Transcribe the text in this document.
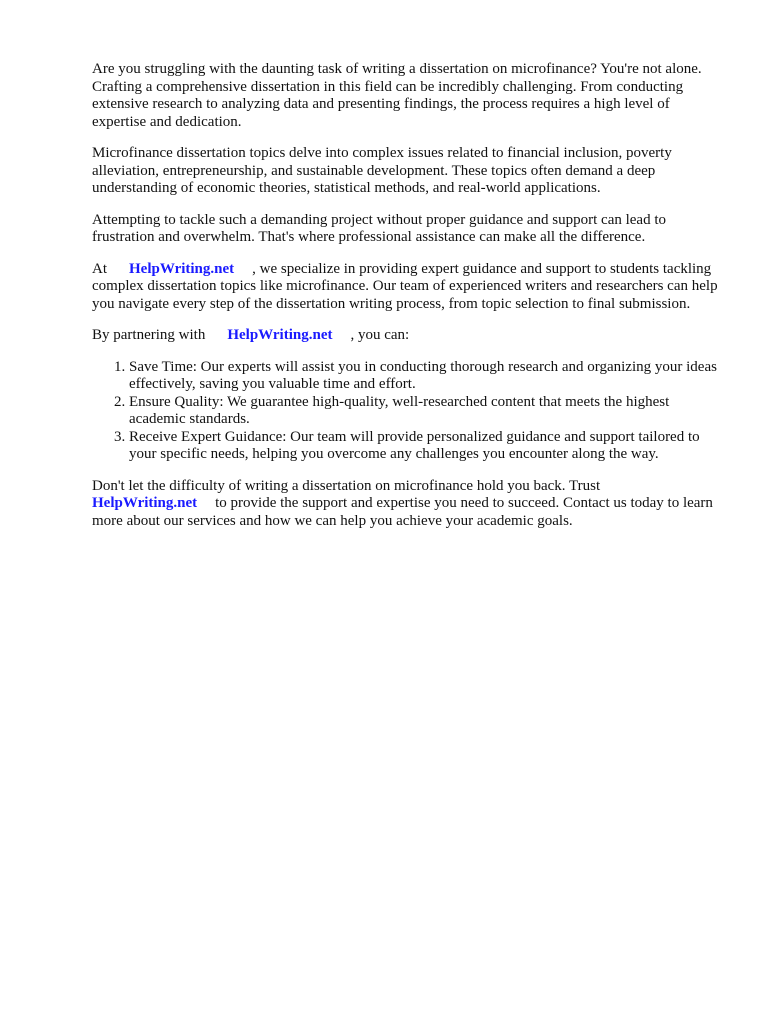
Are you struggling with the daunting task of writing a dissertation on microfinance? You're not alone. Crafting a comprehensive dissertation in this field can be incredibly challenging. From conducting extensive research to analyzing data and presenting findings, the process requires a high level of expertise and dedication.

Microfinance dissertation topics delve into complex issues related to financial inclusion, poverty alleviation, entrepreneurship, and sustainable development. These topics often demand a deep understanding of economic theories, statistical methods, and real-world applications.

Attempting to tackle such a demanding project without proper guidance and support can lead to frustration and overwhelm. That's where professional assistance can make all the difference.

At HelpWriting.net , we specialize in providing expert guidance and support to students tackling complex dissertation topics like microfinance. Our team of experienced writers and researchers can help you navigate every step of the dissertation writing process, from topic selection to final submission.

By partnering with HelpWriting.net , you can:

1. Save Time: Our experts will assist you in conducting thorough research and organizing your ideas effectively, saving you valuable time and effort.
2. Ensure Quality: We guarantee high-quality, well-researched content that meets the highest academic standards.
3. Receive Expert Guidance: Our team will provide personalized guidance and support tailored to your specific needs, helping you overcome any challenges you encounter along the way.

Don't let the difficulty of writing a dissertation on microfinance hold you back. Trust
HelpWriting.net to provide the support and expertise you need to succeed. Contact us today to learn more about our services and how we can help you achieve your academic goals.
